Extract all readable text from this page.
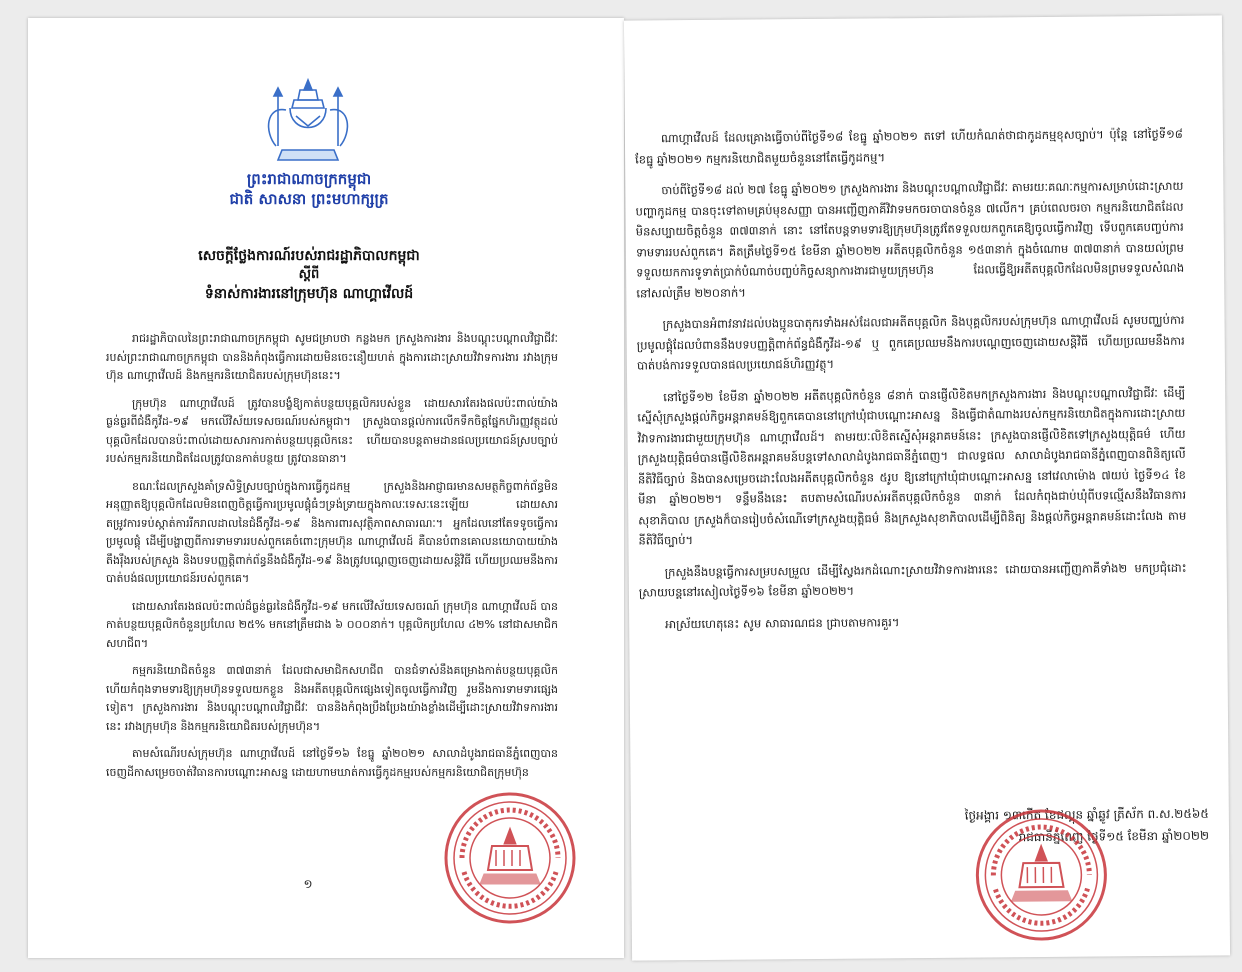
ព្រះរាជាណាចក្រកម្ពុជា
ជាតិ សាសនា ព្រះមហាក្សត្រ
សេចក្តីថ្លែងការណ៍របស់រាជរដ្ឋាភិបាលកម្ពុជា
ស្តីពី
ទំនាស់ការងារនៅក្រុមហ៊ុន ណាហ្គាវើលដ៍

រាជរដ្ឋាភិបាលនៃព្រះរាជាណាចក្រកម្ពុជា សូមជម្រាបថា កន្លងមក ក្រសួងការងារ និងបណ្តុះបណ្តាលវិជ្ជាជីវៈរបស់ព្រះរាជាណាចក្រកម្ពុជា បាននិងកំពុងធ្វើការដោយមិនចេះនឿយហត់ ក្នុងការដោះស្រាយវិវាទការងារ រវាងក្រុមហ៊ុន ណាហ្គាវើលដ៍ និងកម្មករនិយោជិតរបស់ក្រុមហ៊ុននេះ។

ក្រុមហ៊ុន ណាហ្គាវើលដ៍ ត្រូវបានបង្ខំឱ្យកាត់បន្ថយបុគ្គលិករបស់ខ្លួន ដោយសារតែរងផលប៉ះពាល់យ៉ាងធ្ងន់ធ្ងរពីជំងឺកូវីដ-១៩ មកលើវិស័យទេសចរណ៍របស់កម្ពុជា។ ក្រសួងបានផ្តល់ការលើកទឹកចិត្តផ្នែកហិរញ្ញវត្ថុដល់បុគ្គលិកដែលបានប៉ះពាល់ដោយសារការកាត់បន្ថយបុគ្គលិកនេះ ហើយបានបន្តតាមដានផលប្រយោជន៍ស្របច្បាប់របស់កម្មករនិយោជិតដែលត្រូវបានកាត់បន្ថយ ត្រូវបានធានា។

ខណៈដែលក្រសួងគាំទ្រសិទ្ធិស្របច្បាប់ក្នុងការធ្វើកូដកម្ម ក្រសួងនិងអាជ្ញាធរមានសមត្ថកិច្ចពាក់ព័ន្ធមិនអនុញ្ញាតឱ្យបុគ្គលិកដែលមិនពេញចិត្តធ្វើការប្រមូលផ្តុំធំៗទ្រង់ទ្រាយក្នុងកាលៈទេសៈនេះឡើយ ដោយសារតម្រូវការទប់ស្កាត់ការរីករាលដាលនៃជំងឺកូវីដ-១៩ និងការពារសុវត្ថិភាពសាធារណៈ។ អ្នកដែលនៅតែទទូចធ្វើការប្រមូលផ្តុំ ដើម្បីបង្ហាញពីការទាមទាររបស់ពួកគេចំពោះក្រុមហ៊ុន ណាហ្គាវើលដ៍ គឺបានបំពានគោលនយោបាយយ៉ាងតឹងរ៉ឹងរបស់ក្រសួង និងបទបញ្ញត្តិពាក់ព័ន្ធនឹងជំងឺកូវីដ-១៩ និងត្រូវបណ្តេញចេញដោយសន្តិវិធី ហើយប្រឈមនឹងការបាត់បង់ផលប្រយោជន៍របស់ពួកគេ។

ដោយសារតែរងផលប៉ះពាល់ដ៏ធ្ងន់ធ្ងរនៃជំងឺកូវីដ-១៩ មកលើវិស័យទេសចរណ៍ ក្រុមហ៊ុន ណាហ្គាវើលដ៍ បានកាត់បន្ថយបុគ្គលិកចំនួនប្រហែល ២៥% មកនៅត្រឹមជាង ៦ ០០០នាក់។ បុគ្គលិកប្រហែល ៤២% នៅជាសមាជិកសហជីព។

កម្មករនិយោជិតចំនួន ៣៧៣នាក់ ដែលជាសមាជិកសហជីព បានជំទាស់នឹងគម្រោងកាត់បន្ថយបុគ្គលិក ហើយកំពុងទាមទារឱ្យក្រុមហ៊ុនទទួលយកខ្លួន និងអតីតបុគ្គលិកផ្សេងទៀតចូលធ្វើការវិញ រួមនឹងការទាមទារផ្សេងទៀត។ ក្រសួងការងារ និងបណ្តុះបណ្តាលវិជ្ជាជីវៈ បាននិងកំពុងប្រឹងប្រែងយ៉ាងខ្លាំងដើម្បីដោះស្រាយវិវាទការងារនេះ រវាងក្រុមហ៊ុន និងកម្មករនិយោជិតរបស់ក្រុមហ៊ុន។

តាមសំណើរបស់ក្រុមហ៊ុន ណាហ្គាវើលដ៍ នៅថ្ងៃទី១៦ ខែធ្នូ ឆ្នាំ២០២១ សាលាដំបូងរាជធានីភ្នំពេញបានចេញដីកាសម្រេចចាត់វិធានការបណ្តោះអាសន្ន ដោយហាមឃាត់ការធ្វើកូដកម្មរបស់កម្មករនិយោជិតក្រុមហ៊ុន

១

ណាហ្គាវើលដ៍ ដែលគ្រោងធ្វើចាប់ពីថ្ងៃទី១៨ ខែធ្នូ ឆ្នាំ២០២១ តទៅ ហើយកំណត់ថាជាកូដកម្មខុសច្បាប់។ ប៉ុន្តែ នៅថ្ងៃទី១៨ ខែធ្នូ ឆ្នាំ២០២១ កម្មករនិយោជិតមួយចំនួននៅតែធ្វើកូដកម្ម។

ចាប់ពីថ្ងៃទី១៨ ដល់ ២៧ ខែធ្នូ ឆ្នាំ២០២១ ក្រសួងការងារ និងបណ្តុះបណ្តាលវិជ្ជាជីវៈ តាមរយៈគណៈកម្មការសម្រាប់ដោះស្រាយបញ្ហាកូដកម្ម បានចុះទៅតាមគ្រប់មុខសញ្ញា បានអញ្ជើញភាគីវិវាទមកចរចាបានចំនួន ៧លើក។ គ្រប់ពេលចរចា កម្មករនិយោជិតដែលមិនសប្បាយចិត្តចំនួន ៣៧៣នាក់ នោះ នៅតែបន្តទាមទារឱ្យក្រុមហ៊ុនត្រូវតែទទួលយកពួកគេឱ្យចូលធ្វើការវិញ ទើបពួកគេបញ្ចប់ការទាមទាររបស់ពួកគេ។ គិតត្រឹមថ្ងៃទី១៥ ខែមីនា ឆ្នាំ២០២២ អតីតបុគ្គលិកចំនួន ១៥៣នាក់ ក្នុងចំណោម ៣៧៣នាក់ បានយល់ព្រមទទួលយកការទូទាត់ប្រាក់បំណាច់បញ្ចប់កិច្ចសន្យាការងារជាមួយក្រុមហ៊ុន ដែលធ្វើឱ្យអតីតបុគ្គលិកដែលមិនព្រមទទួលសំណងនៅសល់ត្រឹម ២២០នាក់។

ក្រសួងបានអំពាវនាវដល់បងប្អូនបាតុករទាំងអស់ដែលជាអតីតបុគ្គលិក និងបុគ្គលិករបស់ក្រុមហ៊ុន ណាហ្គាវើលដ៍ សូមបញ្ឈប់ការប្រមូលផ្តុំដែលបំពាននឹងបទបញ្ញត្តិពាក់ព័ន្ធជំងឺកូវីដ-១៩ ឬ ពួកគេប្រឈមនឹងការបណ្តេញចេញដោយសន្តិវិធី ហើយប្រឈមនឹងការបាត់បង់ការទទួលបានផលប្រយោជន៍ហិរញ្ញវត្ថុ។

នៅថ្ងៃទី១២ ខែមីនា ឆ្នាំ២០២២ អតីតបុគ្គលិកចំនួន ៨នាក់ បានផ្ញើលិខិតមកក្រសួងការងារ និងបណ្តុះបណ្តាលវិជ្ជាជីវៈ ដើម្បីស្នើសុំក្រសួងផ្តល់កិច្ចអន្តរាគមន៍ឱ្យពួកគេបាននៅក្រៅឃុំជាបណ្តោះអាសន្ន និងធ្វើជាតំណាងរបស់កម្មករនិយោជិតក្នុងការដោះស្រាយវិវាទការងារជាមួយក្រុមហ៊ុន ណាហ្គាវើលដ៍។ តាមរយៈលិខិតស្នើសុំអន្តរាគមន៍នេះ ក្រសួងបានផ្ញើលិខិតទៅក្រសួងយុត្តិធម៌ ហើយក្រសួងយុត្តិធម៌បានផ្ញើលិខិតអន្តរាគមន៍បន្តទៅសាលាដំបូងរាជធានីភ្នំពេញ។ ជាលទ្ធផល សាលាដំបូងរាជធានីភ្នំពេញបានពិនិត្យលើនីតិវិធីច្បាប់ និងបានសម្រេចដោះលែងអតីតបុគ្គលិកចំនួន ៥រូប ឱ្យនៅក្រៅឃុំជាបណ្តោះអាសន្ន នៅវេលាម៉ោង ៧យប់ ថ្ងៃទី១៤ ខែមីនា ឆ្នាំ២០២២។ ទន្ទឹមនឹងនេះ តបតាមសំណើរបស់អតីតបុគ្គលិកចំនួន ៣នាក់ ដែលកំពុងជាប់ឃុំពីបទល្មើសនឹងវិធានការសុខាភិបាល ក្រសួងក៏បានរៀបចំសំណើទៅក្រសួងយុត្តិធម៌ និងក្រសួងសុខាភិបាលដើម្បីពិនិត្យ និងផ្តល់កិច្ចអន្តរាគមន៍ដោះលែង តាមនីតិវិធីច្បាប់។

ក្រសួងនឹងបន្តធ្វើការសម្របសម្រួល ដើម្បីស្វែងរកដំណោះស្រាយវិវាទការងារនេះ ដោយបានអញ្ជើញភាគីទាំង២ មកប្រជុំដោះស្រាយបន្តនៅរសៀលថ្ងៃទី១៦ ខែមីនា ឆ្នាំ២០២២។

អាស្រ័យហេតុនេះ សូម សាធារណជន ជ្រាបតាមការគួរ។

ថ្ងៃអង្គារ ១៣កើត ខែផល្គុន ឆ្នាំឆ្លូវ ត្រីស័ក ព.ស.២៥៦៥
រាជធានីភ្នំពេញ ថ្ងៃទី១៥ ខែមីនា ឆ្នាំ២០២២
